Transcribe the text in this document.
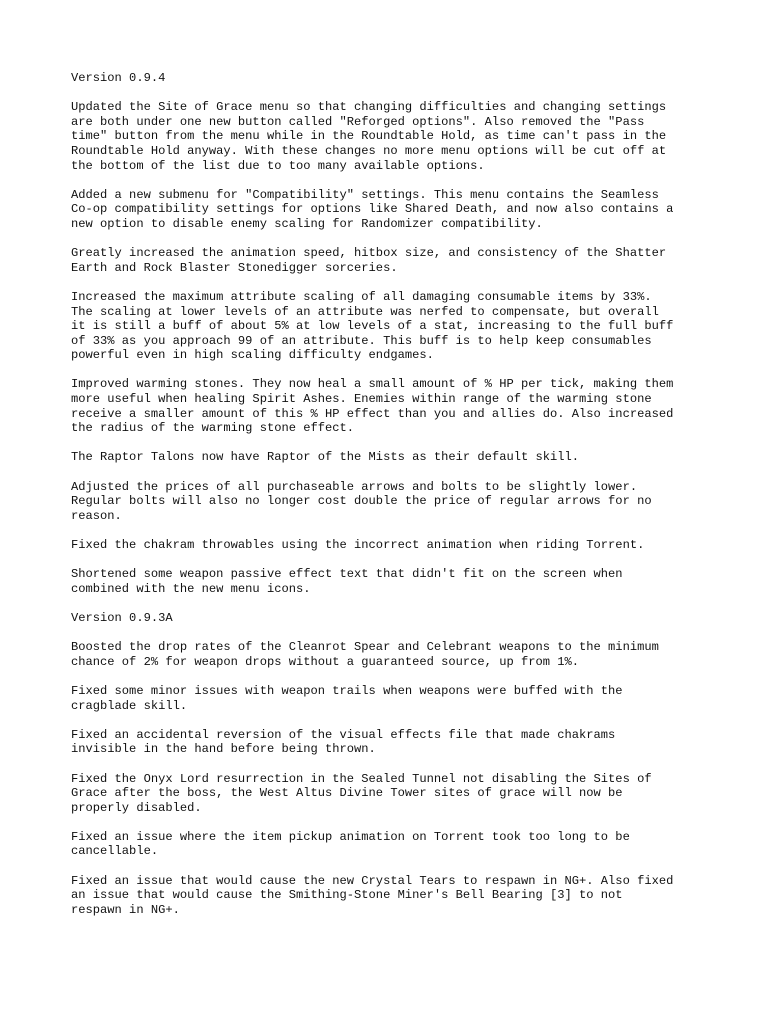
Version 0.9.4

Updated the Site of Grace menu so that changing difficulties and changing settings
are both under one new button called "Reforged options". Also removed the "Pass
time" button from the menu while in the Roundtable Hold, as time can't pass in the
Roundtable Hold anyway. With these changes no more menu options will be cut off at
the bottom of the list due to too many available options.

Added a new submenu for "Compatibility" settings. This menu contains the Seamless
Co-op compatibility settings for options like Shared Death, and now also contains a
new option to disable enemy scaling for Randomizer compatibility.

Greatly increased the animation speed, hitbox size, and consistency of the Shatter
Earth and Rock Blaster Stonedigger sorceries.

Increased the maximum attribute scaling of all damaging consumable items by 33%.
The scaling at lower levels of an attribute was nerfed to compensate, but overall
it is still a buff of about 5% at low levels of a stat, increasing to the full buff
of 33% as you approach 99 of an attribute. This buff is to help keep consumables
powerful even in high scaling difficulty endgames.

Improved warming stones. They now heal a small amount of % HP per tick, making them
more useful when healing Spirit Ashes. Enemies within range of the warming stone
receive a smaller amount of this % HP effect than you and allies do. Also increased
the radius of the warming stone effect.

The Raptor Talons now have Raptor of the Mists as their default skill.

Adjusted the prices of all purchaseable arrows and bolts to be slightly lower.
Regular bolts will also no longer cost double the price of regular arrows for no
reason.

Fixed the chakram throwables using the incorrect animation when riding Torrent.

Shortened some weapon passive effect text that didn't fit on the screen when
combined with the new menu icons.

Version 0.9.3A

Boosted the drop rates of the Cleanrot Spear and Celebrant weapons to the minimum
chance of 2% for weapon drops without a guaranteed source, up from 1%.

Fixed some minor issues with weapon trails when weapons were buffed with the
cragblade skill.

Fixed an accidental reversion of the visual effects file that made chakrams
invisible in the hand before being thrown.

Fixed the Onyx Lord resurrection in the Sealed Tunnel not disabling the Sites of
Grace after the boss, the West Altus Divine Tower sites of grace will now be
properly disabled.

Fixed an issue where the item pickup animation on Torrent took too long to be
cancellable.

Fixed an issue that would cause the new Crystal Tears to respawn in NG+. Also fixed
an issue that would cause the Smithing-Stone Miner's Bell Bearing [3] to not
respawn in NG+.
